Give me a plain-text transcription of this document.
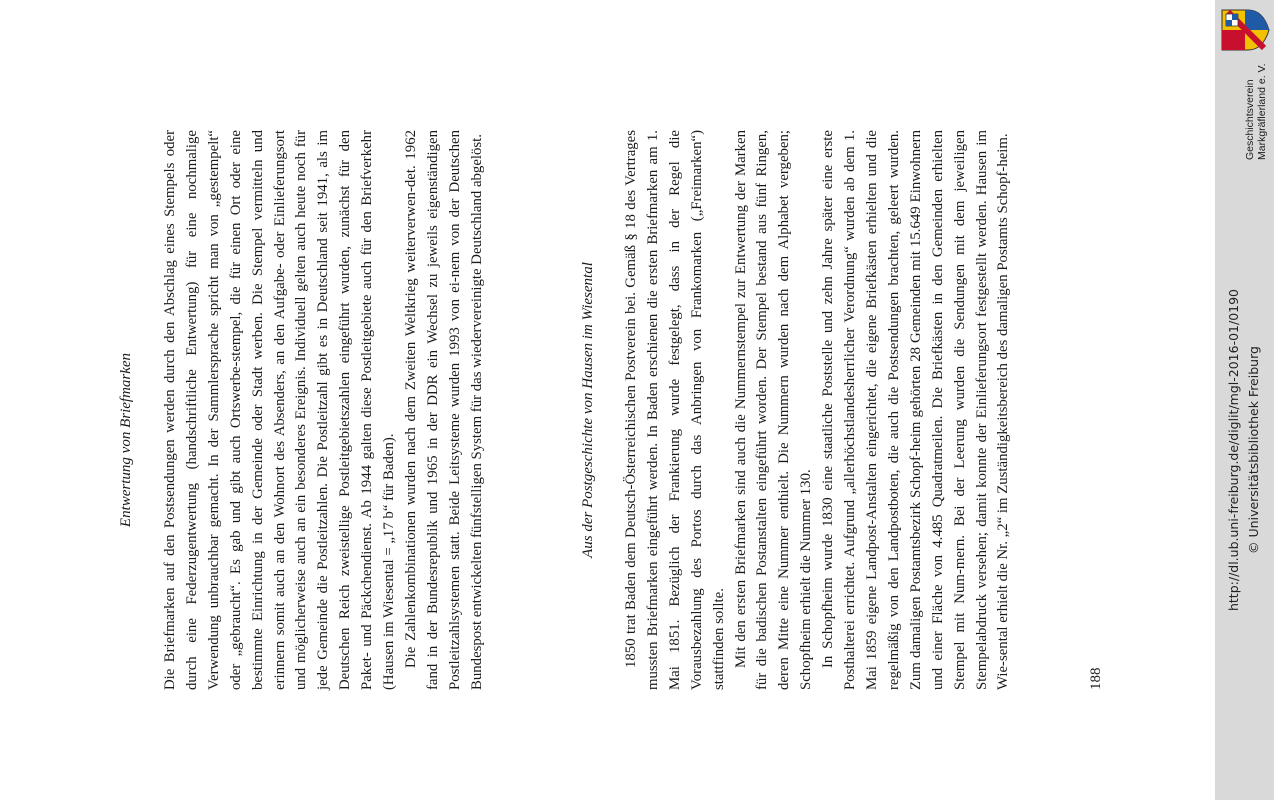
Entwertung von Briefmarken Die Briefmarken auf den Postsendungen werden durch den Abschlag eines Stempels oder durch eine Federzugentwertung (handschriftliche Entwertung) für eine nochmalige Verwendung unbrauchbar gemacht. In der Sammlersprache spricht man von „gestempelt“ oder „gebraucht“. Es gab und gibt auch Ortswerbe-stempel, die für einen Ort oder eine bestimmte Einrichtung in der Gemeinde oder Stadt werben. Die Stempel vermitteln und erinnern somit auch an den Wohnort des Absenders, an den Aufgabe- oder Einlieferungsort und möglicherweise auch an ein besonderes Ereignis. Individuell gelten auch heute noch für jede Gemeinde die Postleitzahlen. Die Postleitzahl gibt es in Deutschland seit 1941, als im Deutschen Reich zweistellige Postleitgebietszahlen eingeführt wurden, zunächst für den Paket- und Päckchendienst. Ab 1944 galten diese Postleitgebiete auch für den Briefverkehr (Hausen im Wiesental = „17 b“ für Baden). Die Zahlenkombinationen wurden nach dem Zweiten Weltkrieg weiterverwen-det. 1962 fand in der Bundesrepublik und 1965 in der DDR ein Wechsel zu jeweils eigenständigen Postleitzahlsystemen statt. Beide Leitsysteme wurden 1993 von ei-nem von der Deutschen Bundespost entwickelten fünfstelligen System für das wiedervereinigte Deutschland abgelöst.	Aus der Postgeschichte von Hausen im Wiesental 1850 trat Baden dem Deutsch-Österreichischen Postverein bei. Gemäß § 18 des Vertrages mussten Briefmarken eingeführt werden. In Baden erschienen die ersten Briefmarken am 1. Mai 1851. Bezüglich der Frankierung wurde festgelegt, dass in der Regel die Vorausbezahlung des Portos durch das Anbringen von Frankomarken („Freimarken“) stattfinden sollte. Mit den ersten Briefmarken sind auch die Nummernstempel zur Entwertung der Marken für die badischen Postanstalten eingeführt worden. Der Stempel bestand aus fünf Ringen, deren Mitte eine Nummer enthielt. Die Nummern wurden nach dem Alphabet vergeben; Schopfheim erhielt die Nummer 130. In Schopfheim wurde 1830 eine staatliche Poststelle und zehn Jahre später eine erste Posthalterei errichtet. Aufgrund „allerhöchstlandesherrlicher Verordnung“ wurden ab dem 1. Mai 1859 eigene Landpost-Anstalten eingerichtet, die eigene Briefkästen erhielten und die regelmäßig von den Landpostboten, die auch die Postsendungen brachten, geleert wurden. Zum damaligen Postamtsbezirk Schopf-heim gehörten 28 Gemeinden mit 15.649 Einwohnern und einer Fläche von 4.485 Quadratmeilen. Die Briefkästen in den Gemeinden erhielten Stempel mit Num-mern. Bei der Leerung wurden die Sendungen mit dem jeweiligen Stempelabdruck versehen; damit konnte der Einlieferungsort festgestellt werden. Hausen im Wie-sental erhielt die Nr. „2“ im Zuständigkeitsbereich des damaligen Postamts Schopf-heim.	188
http://dl.ub.uni-freiburg.de/diglit/mgl-2016-01/0190 © Universitätsbibliothek Freiburg
Geschichtsverein Markgräflerland e. V.
